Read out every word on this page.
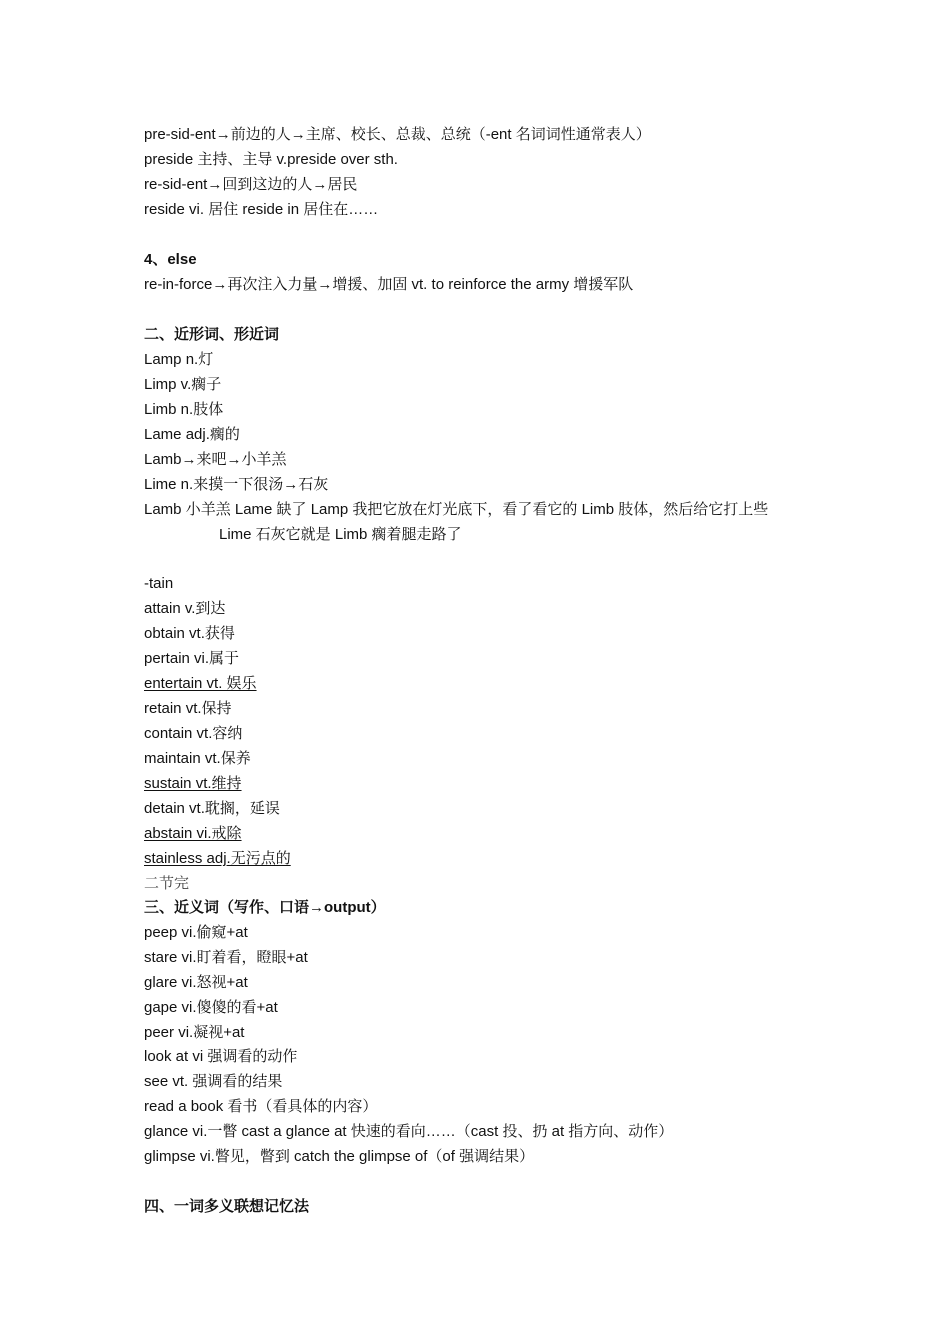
pre-sid-ent→前边的人→主席、校长、总裁、总统（-ent 名词词性通常表人）
preside 主持、主导 v.preside over sth.
re-sid-ent→回到这边的人→居民
reside vi. 居住 reside in 居住在……
4、else
re-in-force→再次注入力量→增援、加固 vt. to reinforce the army 增援军队
二、近形词、形近词
Lamp n.灯
Limp v.瘸子
Limb n.肢体
Lame adj.瘸的
Lamb→来吧→小羊羔
Lime n.来摸一下很汤→石灰
Lamb 小羊羔 Lame 缺了 Lamp 我把它放在灯光底下，看了看它的 Limb 肢体，然后给它打上些
Lime 石灰它就是 Limb 瘸着腿走路了
-tain
attain v.到达
obtain vt.获得
pertain vi.属于
entertain vt. 娱乐
retain vt.保持
contain vt.容纳
maintain vt.保养
sustain vt.维持
detain vt.耽搁，延误
abstain vi.戒除
stainless adj.无污点的
二节完
三、近义词（写作、口语→output）
peep vi.偷窥+at
stare vi.盯着看，瞪眼+at
glare vi.怒视+at
gape vi.傻傻的看+at
peer vi.凝视+at
look at vi 强调看的动作
see vt. 强调看的结果
read a book 看书（看具体的内容）
glance vi.一瞥 cast a glance at 快速的看向……（cast 投、扔 at 指方向、动作）
glimpse vi.瞥见，瞥到 catch the glimpse of（of 强调结果）
四、一词多义联想记忆法
